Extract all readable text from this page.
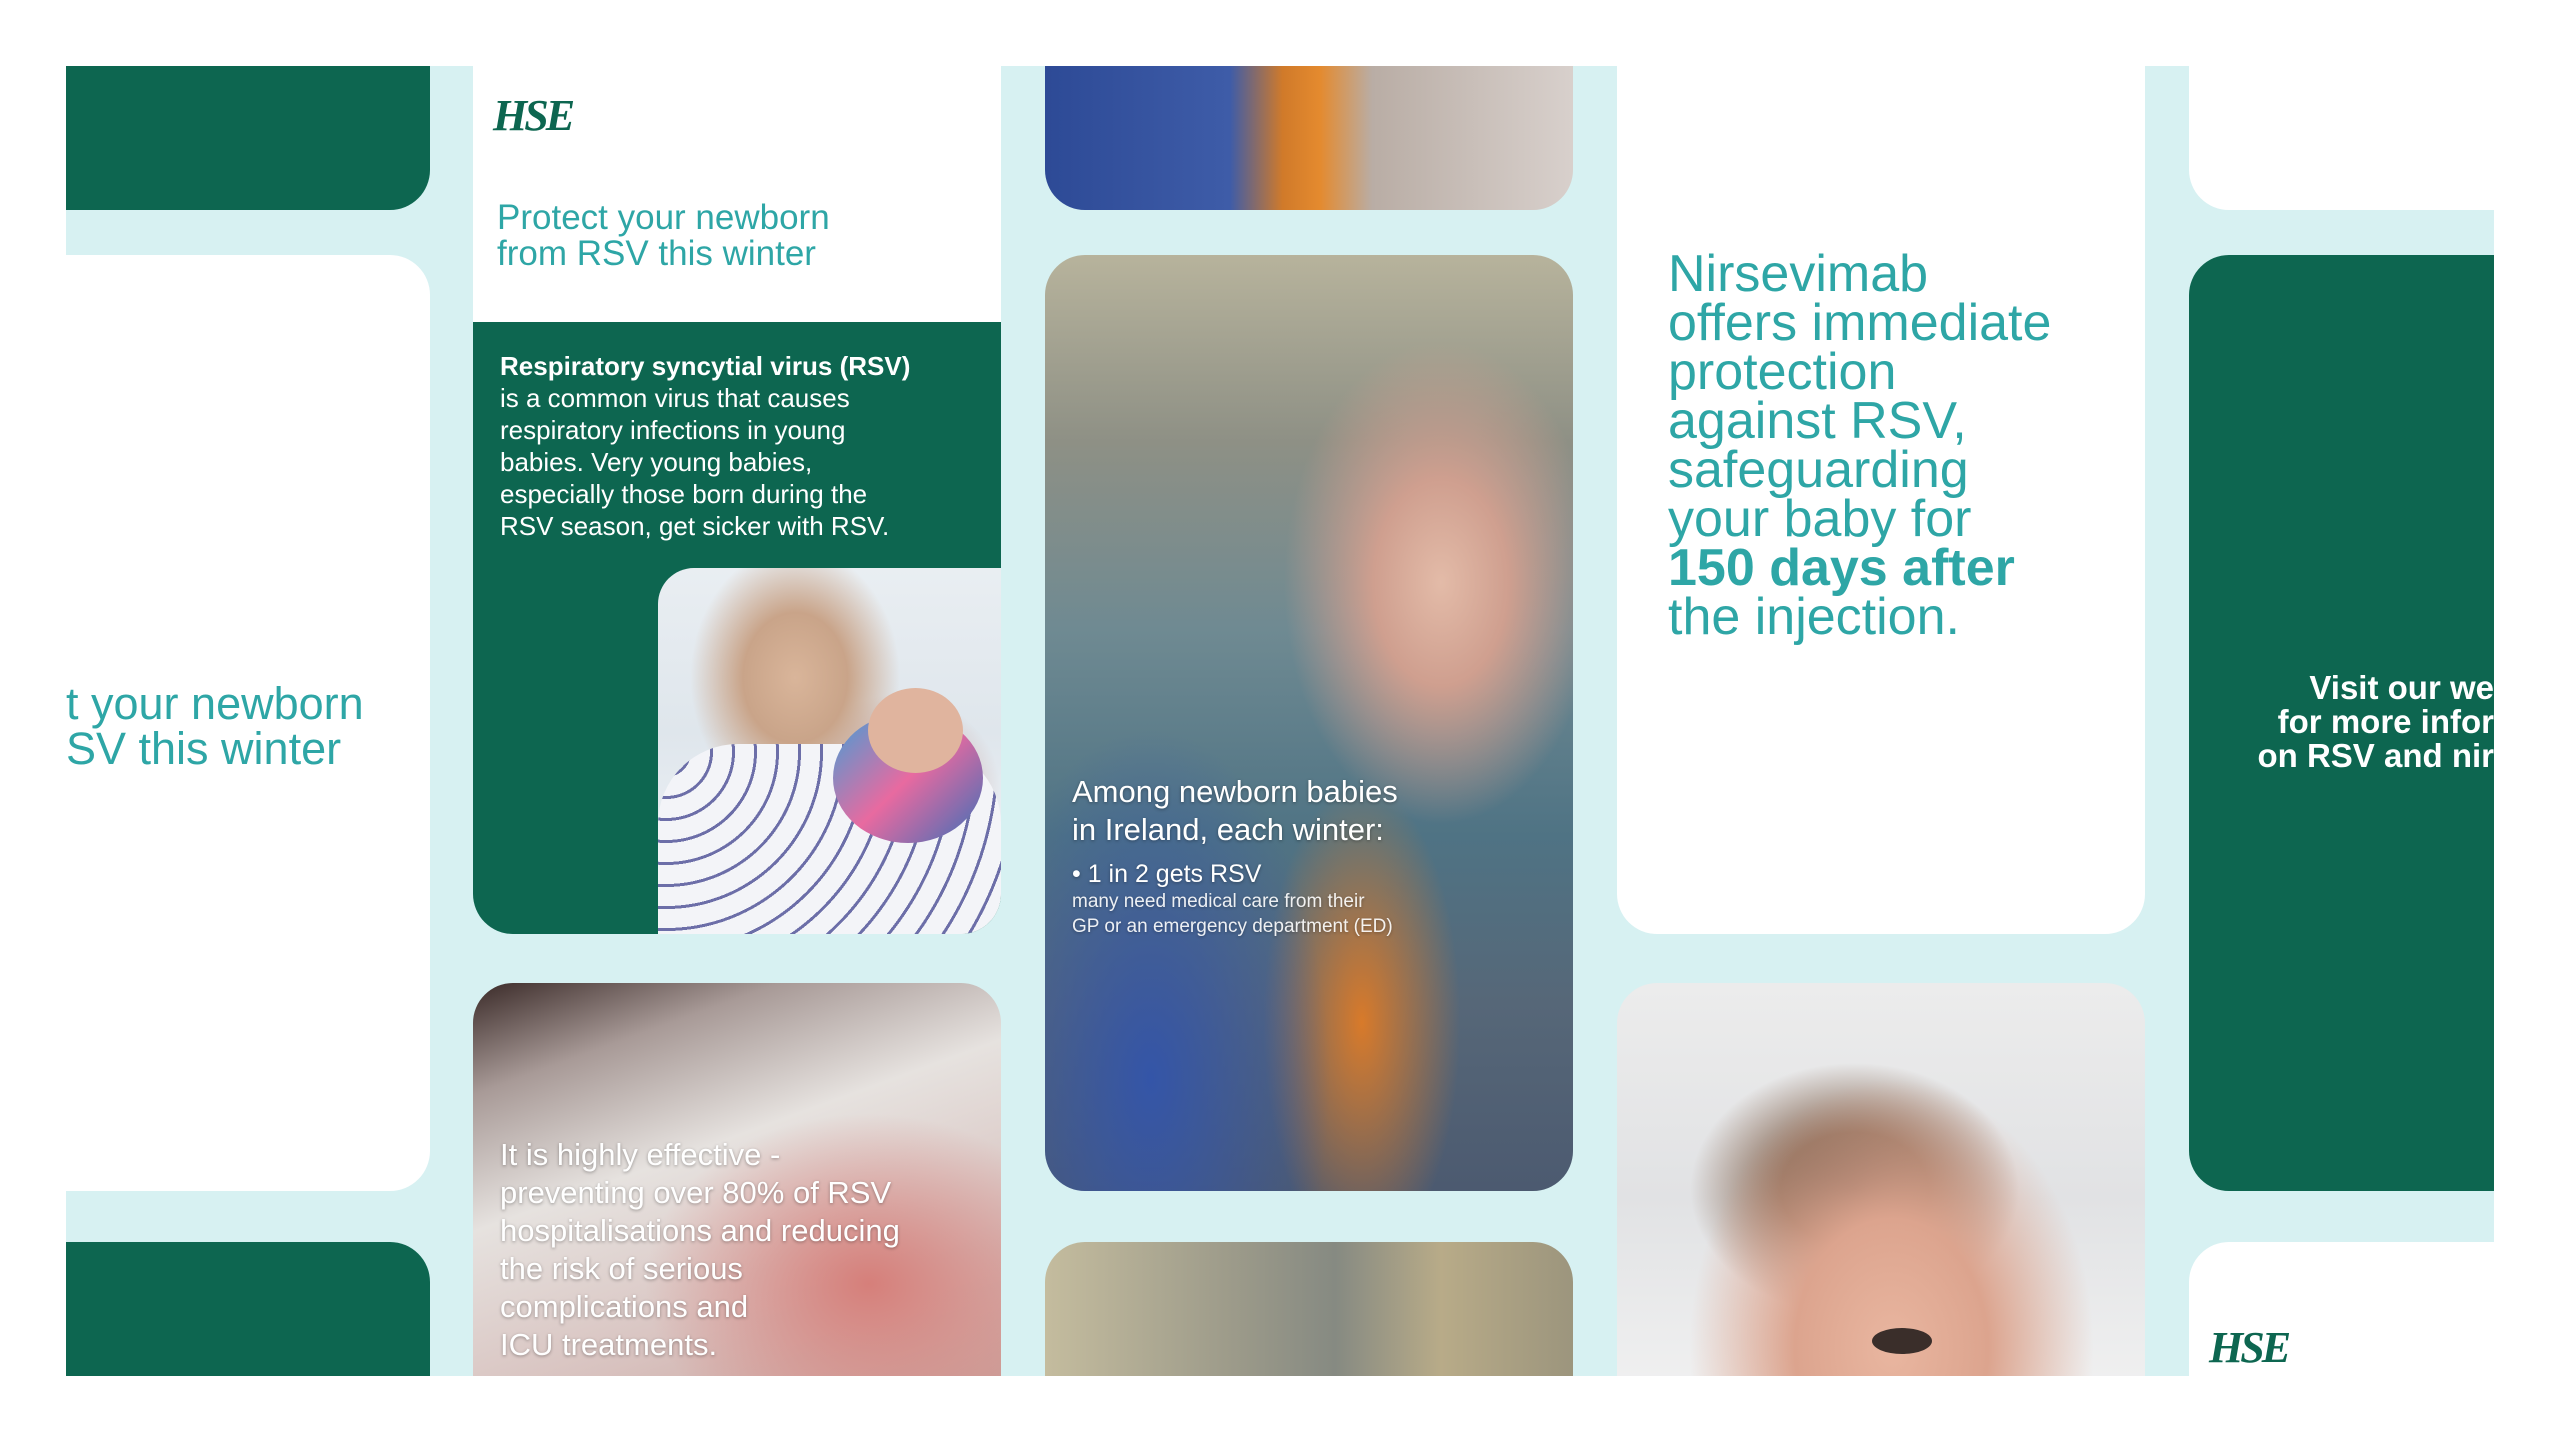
t your newborn
SV this winter
HSE
Protect your newborn
from RSV this winter
Respiratory syncytial virus (RSV)
is a common virus that causes
respiratory infections in young
babies. Very young babies,
especially those born during the
RSV season, get sicker with RSV.
It is highly effective -
preventing over 80% of RSV
hospitalisations and reducing
the risk of serious
complications and
ICU treatments.
Among newborn babies
in Ireland, each winter:
• 1 in 2 gets RSV
many need medical care from their
GP or an emergency department (ED)
Nirsevimab
offers immediate
protection
against RSV,
safeguarding
your baby for
150 days after
the injection.
Visit our we
for more infor
on RSV and nir
HSE
